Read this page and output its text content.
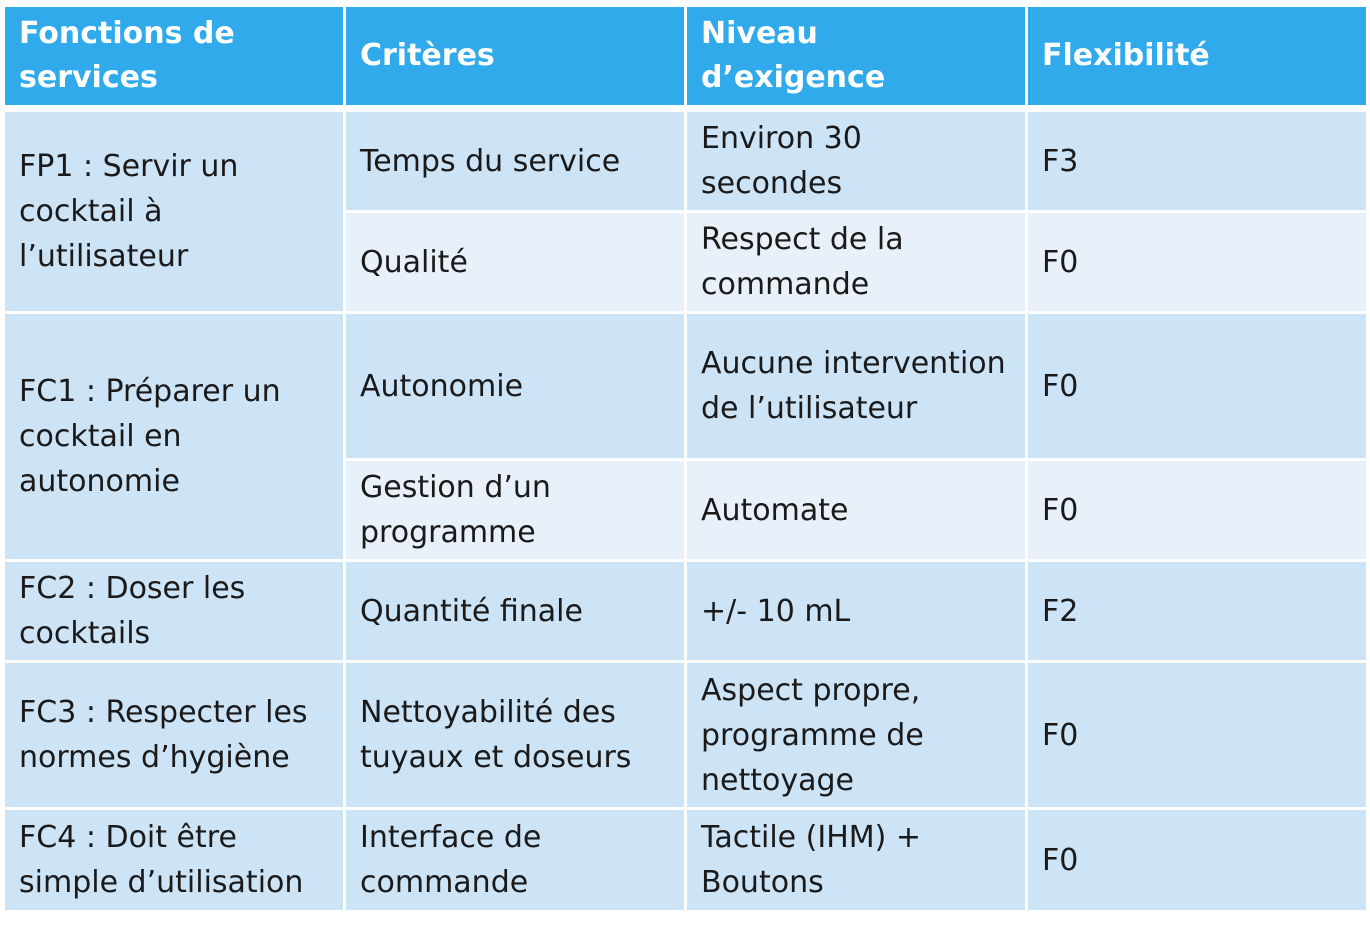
Fonctions de services	Critères	Niveau d’exigence	Flexibilité
FP1 : Servir un cocktail à l’utilisateur	Temps du service	Environ 30 secondes	F3
	Qualité	Respect de la commande	F0
FC1 : Préparer un cocktail en autonomie	Autonomie	Aucune intervention de l’utilisateur	F0
	Gestion d’un programme	Automate	F0
FC2 : Doser les cocktails	Quantité finale	+/- 10 mL	F2
FC3 : Respecter les normes d’hygiène	Nettoyabilité des tuyaux et doseurs	Aspect propre, programme de nettoyage	F0
FC4 : Doit être simple d’utilisation	Interface de commande	Tactile (IHM) + Boutons	F0
